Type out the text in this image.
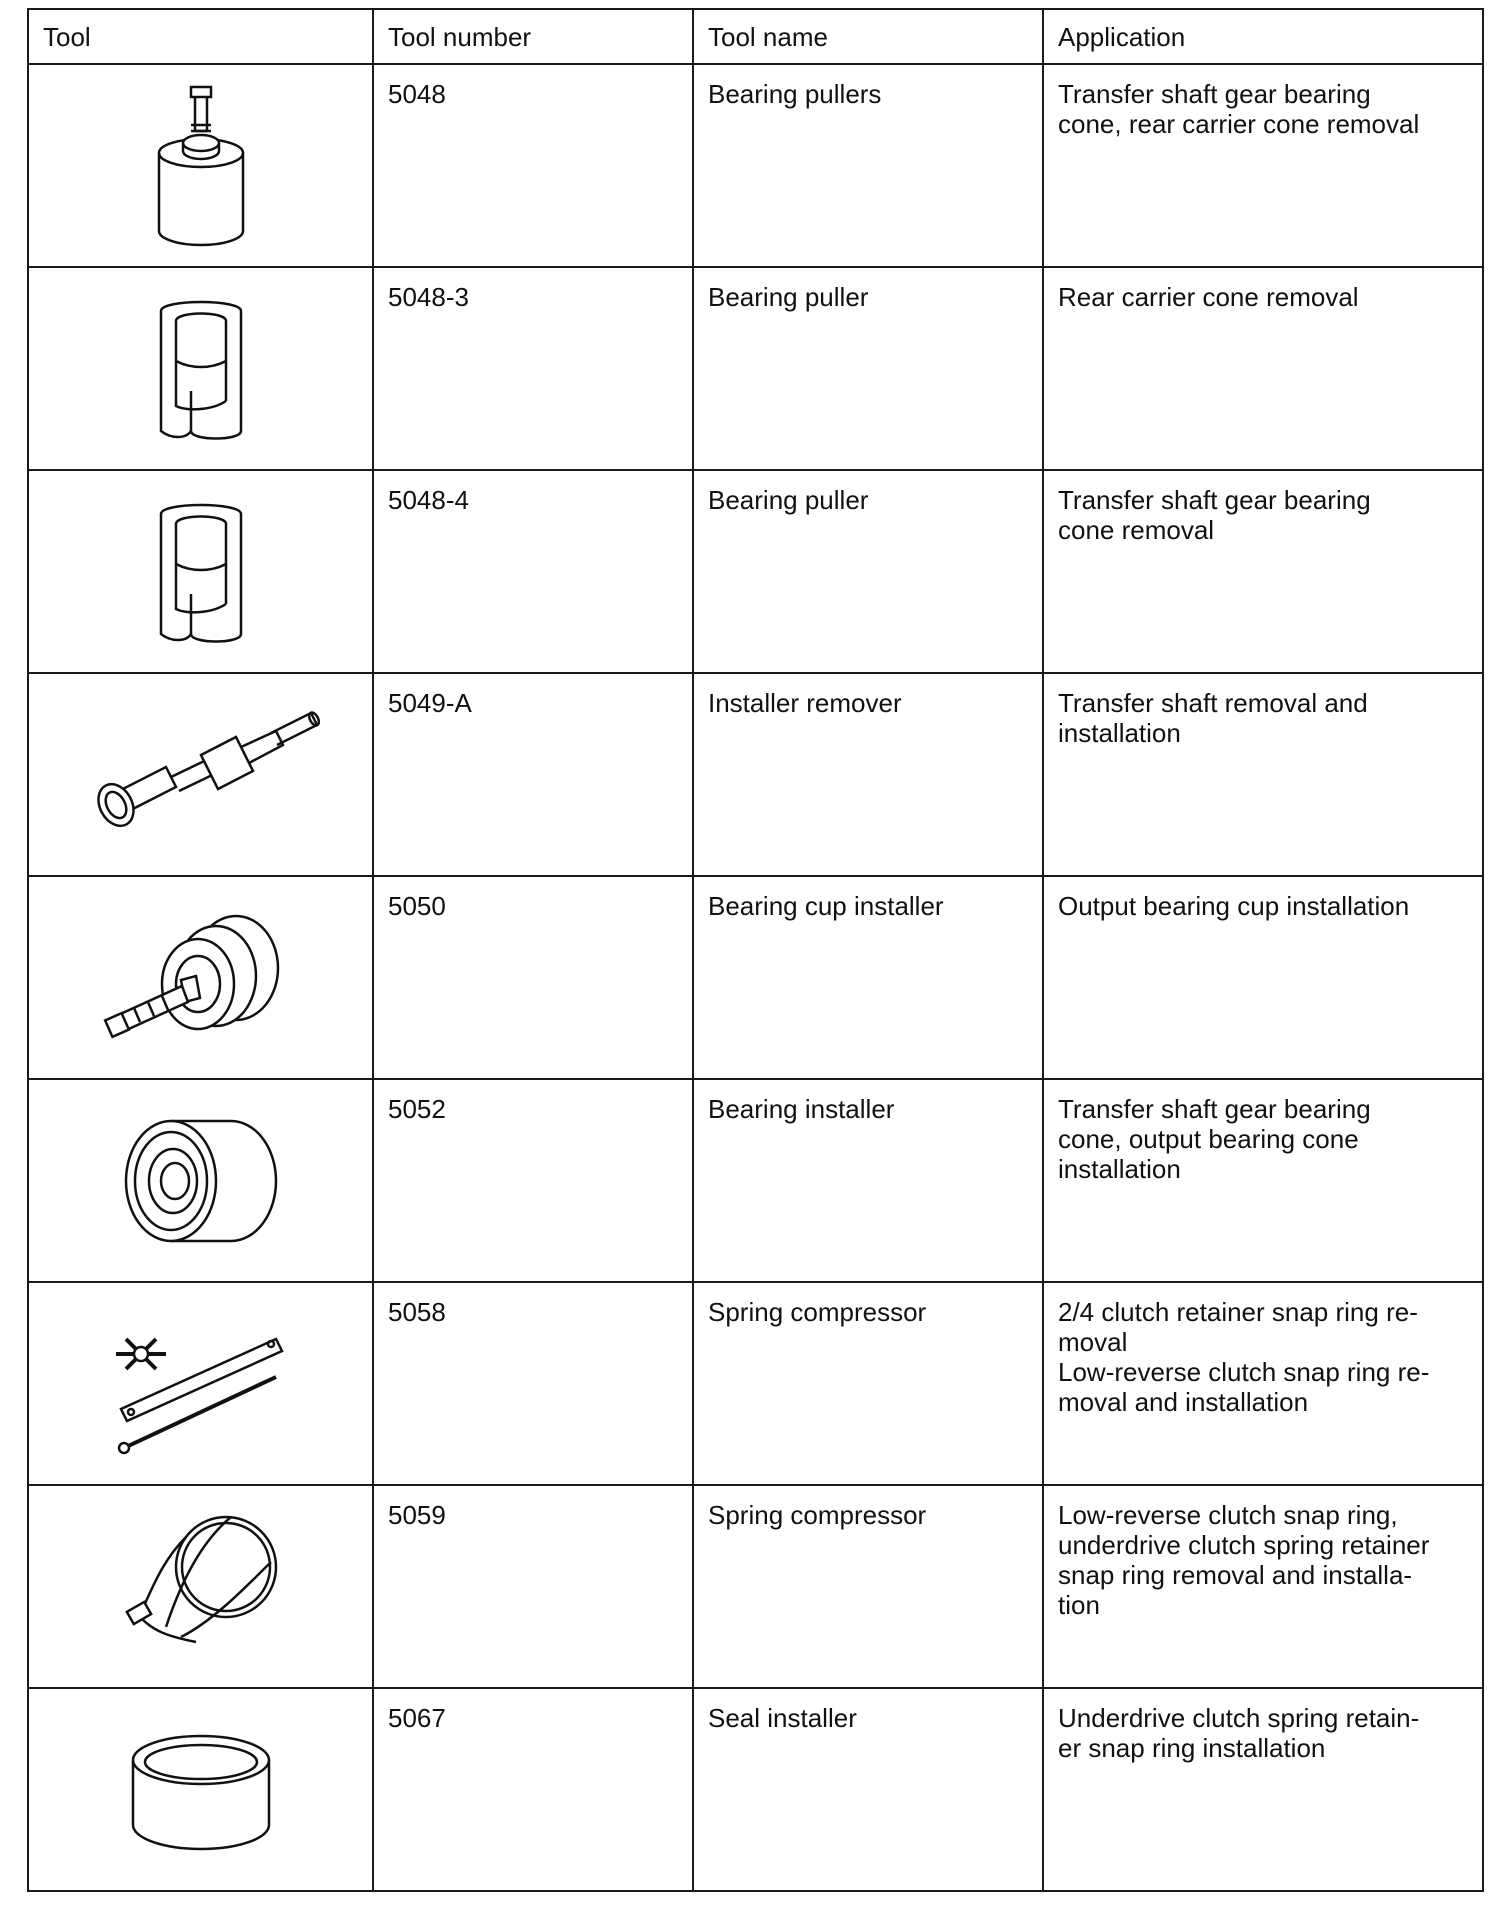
Tool	Tool number	Tool name	Application

	5048	Bearing pullers	Transfer shaft gear bearing
cone, rear carrier cone removal

	5048-3	Bearing puller	Rear carrier cone removal

	5048-4	Bearing puller	Transfer shaft gear bearing
cone removal

	5049-A	Installer remover	Transfer shaft removal and
installation

	5050	Bearing cup installer	Output bearing cup installation

	5052	Bearing installer	Transfer shaft gear bearing
cone, output bearing cone
installation

	5058	Spring compressor	2/4 clutch retainer snap ring re-
moval
Low-reverse clutch snap ring re-
moval and installation

	5059	Spring compressor	Low-reverse clutch snap ring,
underdrive clutch spring retainer
snap ring removal and installa-
tion

	5067	Seal installer	Underdrive clutch spring retain-
er snap ring installation
